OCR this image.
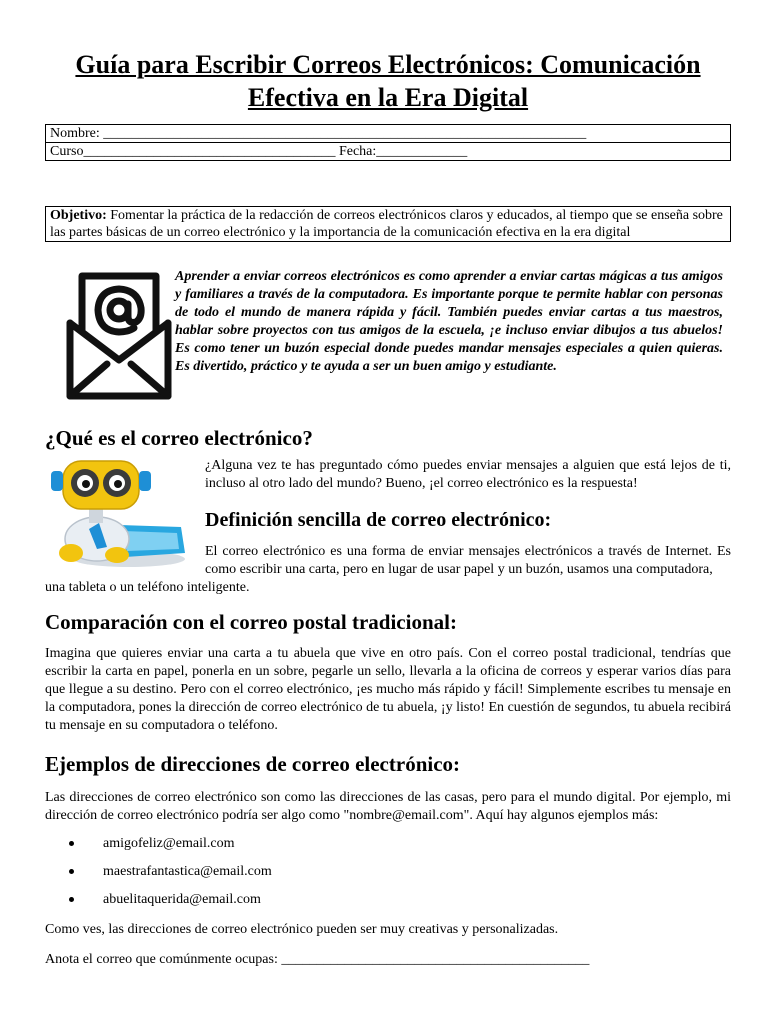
Guía para Escribir Correos Electrónicos: Comunicación Efectiva en la Era Digital
Nombre: _____________________________________________________________________
Curso____________________________________ Fecha:_____________
Objetivo: Fomentar la práctica de la redacción de correos electrónicos claros y educados, al tiempo que se enseña sobre las partes básicas de un correo electrónico y la importancia de la comunicación efectiva en la era digital
Aprender a enviar correos electrónicos es como aprender a enviar cartas mágicas a tus amigos y familiares a través de la computadora. Es importante porque te permite hablar con personas de todo el mundo de manera rápida y fácil. También puedes enviar cartas a tus maestros, hablar sobre proyectos con tus amigos de la escuela, ¡e incluso enviar dibujos a tus abuelos! Es como tener un buzón especial donde puedes mandar mensajes especiales a quien quieras. Es divertido, práctico y te ayuda a ser un buen amigo y estudiante.
¿Qué es el correo electrónico?
¿Alguna vez te has preguntado cómo puedes enviar mensajes a alguien que está lejos de ti, incluso al otro lado del mundo? Bueno, ¡el correo electrónico es la respuesta!
Definición sencilla de correo electrónico:
El correo electrónico es una forma de enviar mensajes electrónicos a través de Internet. Es como escribir una carta, pero en lugar de usar papel y un buzón, usamos una computadora,
una tableta o un teléfono inteligente.
Comparación con el correo postal tradicional:

Imagina que quieres enviar una carta a tu abuela que vive en otro país. Con el correo postal tradicional, tendrías que escribir la carta en papel, ponerla en un sobre, pegarle un sello, llevarla a la oficina de correos y esperar varios días para que llegue a su destino. Pero con el correo electrónico, ¡es mucho más rápido y fácil! Simplemente escribes tu mensaje en la computadora, pones la dirección de correo electrónico de tu abuela, ¡y listo! En cuestión de segundos, tu abuela recibirá tu mensaje en su computadora o teléfono.

Ejemplos de direcciones de correo electrónico:

Las direcciones de correo electrónico son como las direcciones de las casas, pero para el mundo digital. Por ejemplo, mi dirección de correo electrónico podría ser algo como "nombre@email.com". Aquí hay algunos ejemplos más:

amigofeliz@email.com
maestrafantastica@email.com
abuelitaquerida@email.com

Como ves, las direcciones de correo electrónico pueden ser muy creativas y personalizadas.

Anota el correo que comúnmente ocupas: ____________________________________________
